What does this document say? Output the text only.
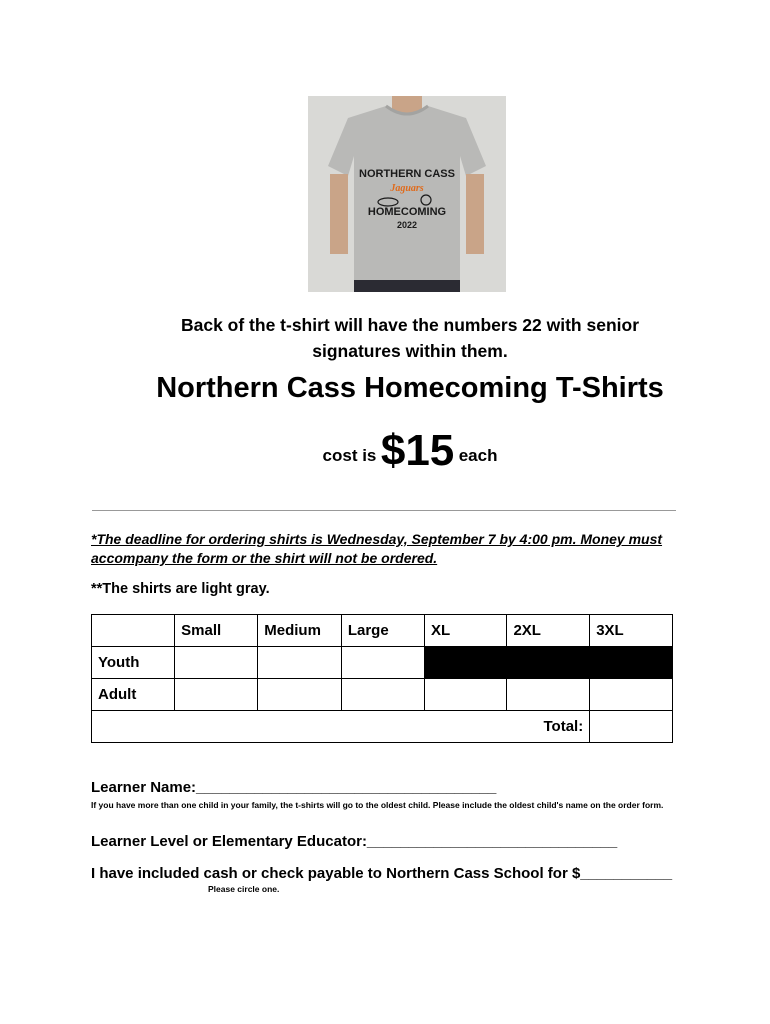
NORTHERN CASS
Jaguars
HOMECOMING
2022
Back of the t-shirt will have the numbers 22 with senior
signatures within them.
Northern Cass Homecoming T-Shirts
cost is $15 each
*The deadline for ordering shirts is Wednesday, September 7 by 4:00 pm. Money must accompany the form or the shirt will not be ordered.
**The shirts are light gray.
	Small	Medium	Large	XL	2XL	3XL
Youth						
Adult						
Total:						
Learner Name:____________________________________
If you have more than one child in your family, the t-shirts will go to the oldest child. Please include the oldest child's name on the order form.
Learner Level or Elementary Educator:______________________________
I have included cash or check payable to Northern Cass School for $___________
Please circle one.
